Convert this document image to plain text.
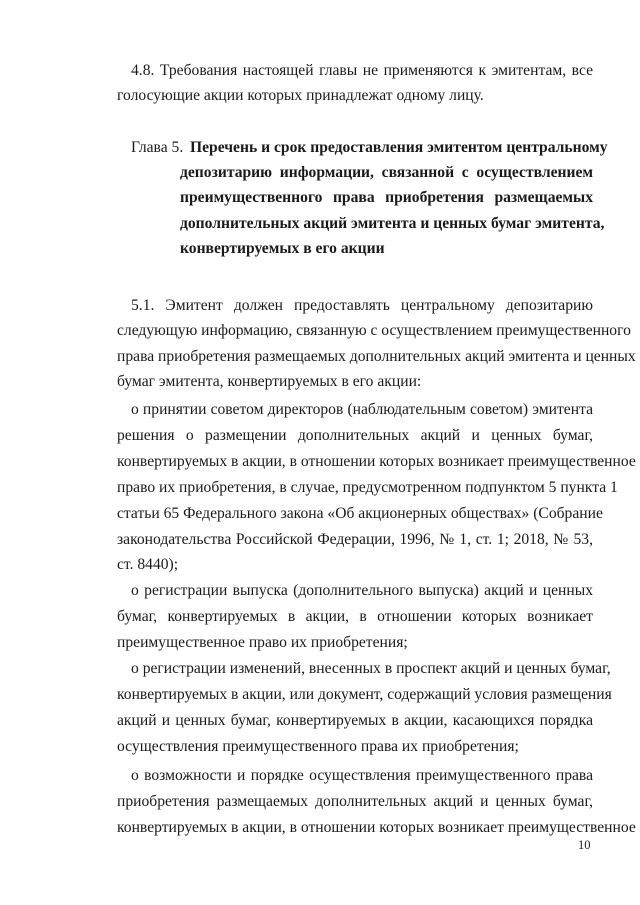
4.8. Требования настоящей главы не применяются к эмитентам, все
голосующие акции которых принадлежат одному лицу.
Глава 5. Перечень и срок предоставления эмитентом центральному
депозитарию информации, связанной с осуществлением
преимущественного права приобретения размещаемых
дополнительных акций эмитента и ценных бумаг эмитента,
конвертируемых в его акции
5.1. Эмитент должен предоставлять центральному депозитарию
следующую информацию, связанную с осуществлением преимущественного
права приобретения размещаемых дополнительных акций эмитента и ценных
бумаг эмитента, конвертируемых в его акции:
о принятии советом директоров (наблюдательным советом) эмитента
решения о размещении дополнительных акций и ценных бумаг,
конвертируемых в акции, в отношении которых возникает преимущественное
право их приобретения, в случае, предусмотренном подпунктом 5 пункта 1
статьи 65 Федерального закона «Об акционерных обществах» (Собрание
законодательства Российской Федерации, 1996, № 1, ст. 1; 2018, № 53,
ст. 8440);
о регистрации выпуска (дополнительного выпуска) акций и ценных
бумаг, конвертируемых в акции, в отношении которых возникает
преимущественное право их приобретения;
о регистрации изменений, внесенных в проспект акций и ценных бумаг,
конвертируемых в акции, или документ, содержащий условия размещения
акций и ценных бумаг, конвертируемых в акции, касающихся порядка
осуществления преимущественного права их приобретения;
о возможности и порядке осуществления преимущественного права
приобретения размещаемых дополнительных акций и ценных бумаг,
конвертируемых в акции, в отношении которых возникает преимущественное
10
